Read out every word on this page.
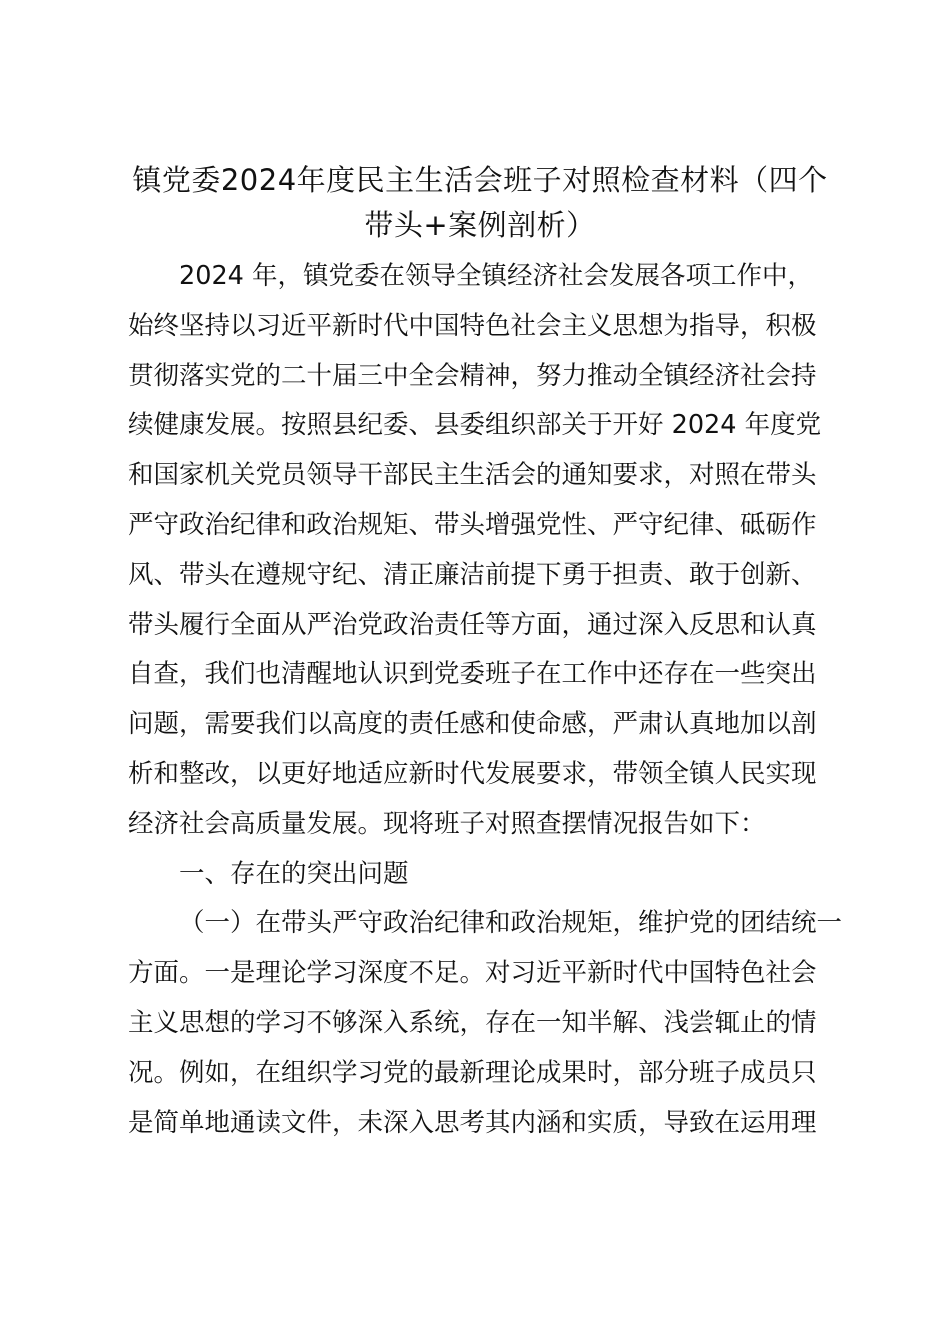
镇党委2024年度民主生活会班子对照检查材料（四个
带头+案例剖析）
2024 年，镇党委在领导全镇经济社会发展各项工作中，
始终坚持以习近平新时代中国特色社会主义思想为指导，积极
贯彻落实党的二十届三中全会精神，努力推动全镇经济社会持
续健康发展。按照县纪委、县委组织部关于开好 2024 年度党
和国家机关党员领导干部民主生活会的通知要求，对照在带头
严守政治纪律和政治规矩、带头增强党性、严守纪律、砥砺作
风、带头在遵规守纪、清正廉洁前提下勇于担责、敢于创新、
带头履行全面从严治党政治责任等方面，通过深入反思和认真
自查，我们也清醒地认识到党委班子在工作中还存在一些突出
问题，需要我们以高度的责任感和使命感，严肃认真地加以剖
析和整改，以更好地适应新时代发展要求，带领全镇人民实现
经济社会高质量发展。现将班子对照查摆情况报告如下：
一、存在的突出问题
（一）在带头严守政治纪律和政治规矩，维护党的团结统一
方面。一是理论学习深度不足。对习近平新时代中国特色社会
主义思想的学习不够深入系统，存在一知半解、浅尝辄止的情
况。例如，在组织学习党的最新理论成果时，部分班子成员只
是简单地通读文件，未深入思考其内涵和实质，导致在运用理
